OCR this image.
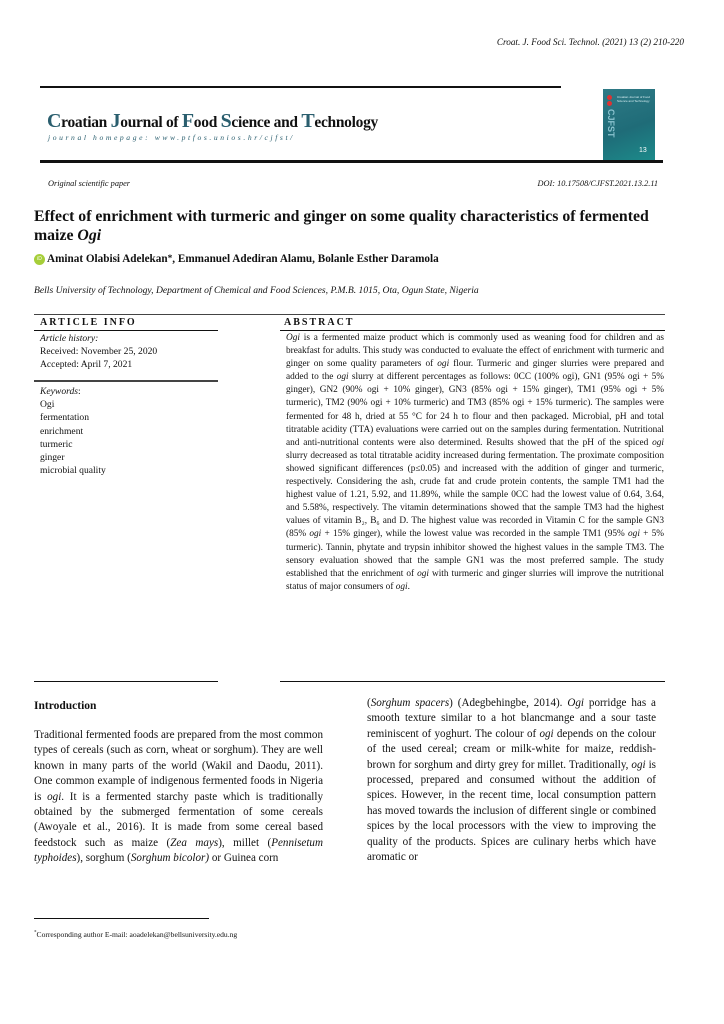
Croat. J. Food Sci. Technol. (2021) 13 (2) 210-220
Croatian Journal of Food Science and Technology
journal homepage: www.ptfos.unios.hr/cjfst/	CJFST
Croatian Journal of Food Science and Technology
13
Original scientific paper	DOI: 10.17508/CJFST.2021.13.2.11
Effect of enrichment with turmeric and ginger on some quality characteristics of fermented maize Ogi
iD Aminat Olabisi Adelekan * , Emmanuel Adediran Alamu, Bolanle Esther Daramola
Bells University of Technology, Department of Chemical and Food Sciences, P.M.B. 1015, Ota, Ogun State, Nigeria
ARTICLE INFO	ABSTRACT
Article history:
Received: November 25, 2020
Accepted: April 7, 2021
Keywords:
Ogi
fermentation
enrichment
turmeric
ginger
microbial quality
Ogi is a fermented maize product which is commonly used as weaning food for children and as breakfast for adults. This study was conducted to evaluate the effect of enrichment with turmeric and ginger on some quality parameters of ogi flour. Turmeric and ginger slurries were prepared and added to the ogi slurry at different percentages as follows: 0CC (100% ogi), GN1 (95% ogi + 5% ginger), GN2 (90% ogi + 10% ginger), GN3 (85% ogi + 15% ginger), TM1 (95% ogi + 5% turmeric), TM2 (90% ogi + 10% turmeric) and TM3 (85% ogi + 15% turmeric). The samples were fermented for 48 h, dried at 55 °C for 24 h to flour and then packaged. Microbial, pH and total titratable acidity (TTA) evaluations were carried out on the samples during fermentation. Nutritional and anti-nutritional contents were also determined. Results showed that the pH of the spiced ogi slurry decreased as total titratable acidity increased during fermentation. The proximate composition showed significant differences (p≤0.05) and increased with the addition of ginger and turmeric, respectively. Considering the ash, crude fat and crude protein contents, the sample TM1 had the highest value of 1.21, 5.92, and 11.89%, while the sample 0CC had the lowest value of 0.64, 3.64, and 5.58%, respectively. The vitamin determinations showed that the sample TM3 had the highest values of vitamin B₂, B₆ and D. The highest value was recorded in Vitamin C for the sample GN3 (85% ogi + 15% ginger), while the lowest value was recorded in the sample TM1 (95% ogi + 5% turmeric). Tannin, phytate and trypsin inhibitor showed the highest values in the sample TM3. The sensory evaluation showed that the sample GN1 was the most preferred sample. The study established that the enrichment of ogi with turmeric and ginger slurries will improve the nutritional status of major consumers of ogi.
Introduction
Traditional fermented foods are prepared from the most common types of cereals (such as corn, wheat or sorghum). They are well known in many parts of the world (Wakil and Daodu, 2011). One common example of indigenous fermented foods in Nigeria is ogi. It is a fermented starchy paste which is traditionally obtained by the submerged fermentation of some cereals (Awoyale et al., 2016). It is made from some cereal based feedstock such as maize (Zea mays), millet (Pennisetum typhoides), sorghum (Sorghum bicolor) or Guinea corn
(Sorghum spacers) (Adegbehingbe, 2014). Ogi porridge has a smooth texture similar to a hot blancmange and a sour taste reminiscent of yoghurt. The colour of ogi depends on the colour of the used cereal; cream or milk-white for maize, reddish-brown for sorghum and dirty grey for millet. Traditionally, ogi is processed, prepared and consumed without the addition of spices. However, in the recent time, local consumption pattern has moved towards the inclusion of different single or combined spices by the local processors with the view to improving the quality of the products. Spices are culinary herbs which have aromatic or
*Corresponding author E-mail: aoadelekan@bellsuniversity.edu.ng
